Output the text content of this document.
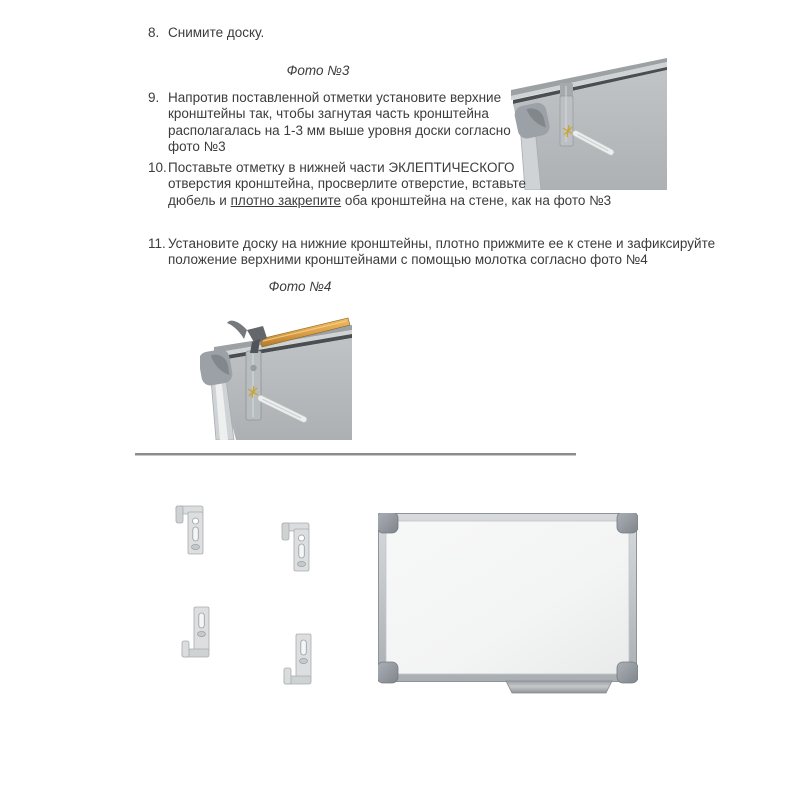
8. Снимите доску.
Фото №3
9. Напротив поставленной отметки установите верхние
кронштейны так, чтобы загнутая часть кронштейна
располагалась на 1-3 мм выше уровня доски согласно
фото №3
10. Поставьте отметку в нижней части ЭКЛЕПТИЧЕСКОГО
отверстия кронштейна, просверлите отверстие, вставьте
дюбель и плотно закрепите оба кронштейна на стене, как на фото №3
11. Установите доску на нижние кронштейны, плотно прижмите ее к стене и зафиксируйте
положение верхними кронштейнами с помощью молотка согласно фото №4
Фото №4
